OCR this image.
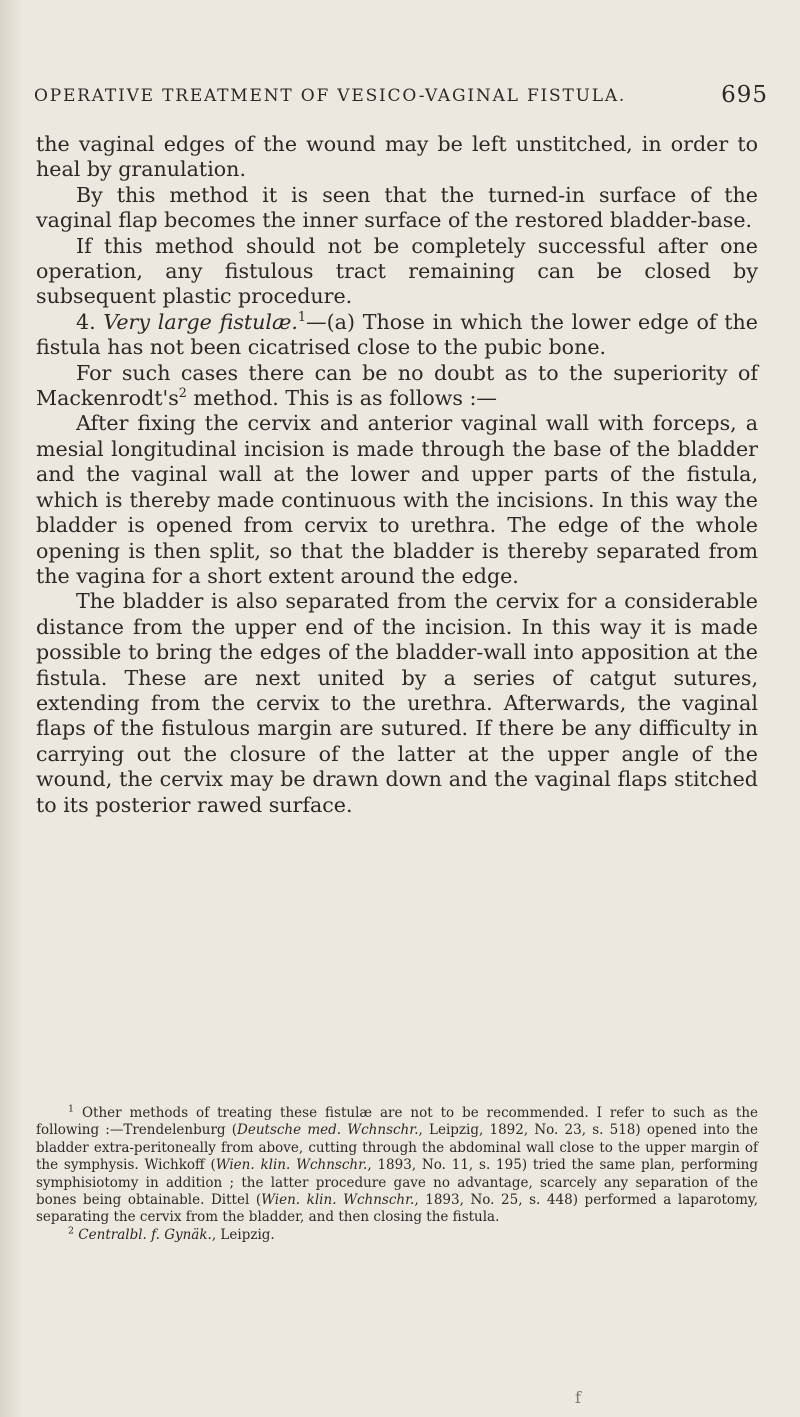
OPERATIVE TREATMENT OF VESICO-VAGINAL FISTULA.	695

the vaginal edges of the wound may be left unstitched, in order to heal by granulation.

By this method it is seen that the turned-in surface of the vaginal flap becomes the inner surface of the restored bladder-base.

If this method should not be completely successful after one operation, any fistulous tract remaining can be closed by subsequent plastic procedure.

4. Very large fistulæ.$^1$—(a) Those in which the lower edge of the fistula has not been cicatrised close to the pubic bone.

For such cases there can be no doubt as to the superiority of $Mackenrodt's^2$ method. This is as follows :—

After fixing the cervix and anterior vaginal wall with forceps, a mesial longitudinal incision is made through the base of the bladder and the vaginal wall at the lower and upper parts of the fistula, which is thereby made continuous with the incisions. In this way the bladder is opened from cervix to urethra. The edge of the whole opening is then split, so that the bladder is thereby separated from the vagina for a short extent around the edge.

The bladder is also separated from the cervix for a considerable distance from the upper end of the incision. In this way it is made possible to bring the edges of the bladder-wall into apposition at the fistula. These are next united by a series of catgut sutures, extending from the cervix to the urethra. Afterwards, the vaginal flaps of the fistulous margin are sutured. If there be any difficulty in carrying out the closure of the latter at the upper angle of the wound, the cervix may be drawn down and the vaginal flaps stitched to its posterior rawed surface.

$^1$ Other methods of treating these fistulæ are not to be recommended. I refer to such as the following :—Trendelenburg (Deutsche med. Wchnschr., Leipzig, 1892, No. 23, s. 518) opened into the bladder extra-peritoneally from above, cutting through the abdominal wall close to the upper margin of the symphysis. Wichkoff (Wien. klin. Wchnschr., 1893, No. 11, s. 195) tried the same plan, performing symphisiotomy in addition ; the latter procedure gave no advantage, scarcely any separation of the bones being obtainable. Dittel (Wien. klin. Wchnschr., 1893, No. 25, s. 448) performed a laparotomy, separating the cervix from the bladder, and then closing the fistula.

$^2$ Centralbl. f. Gynäk., Leipzig.

f
